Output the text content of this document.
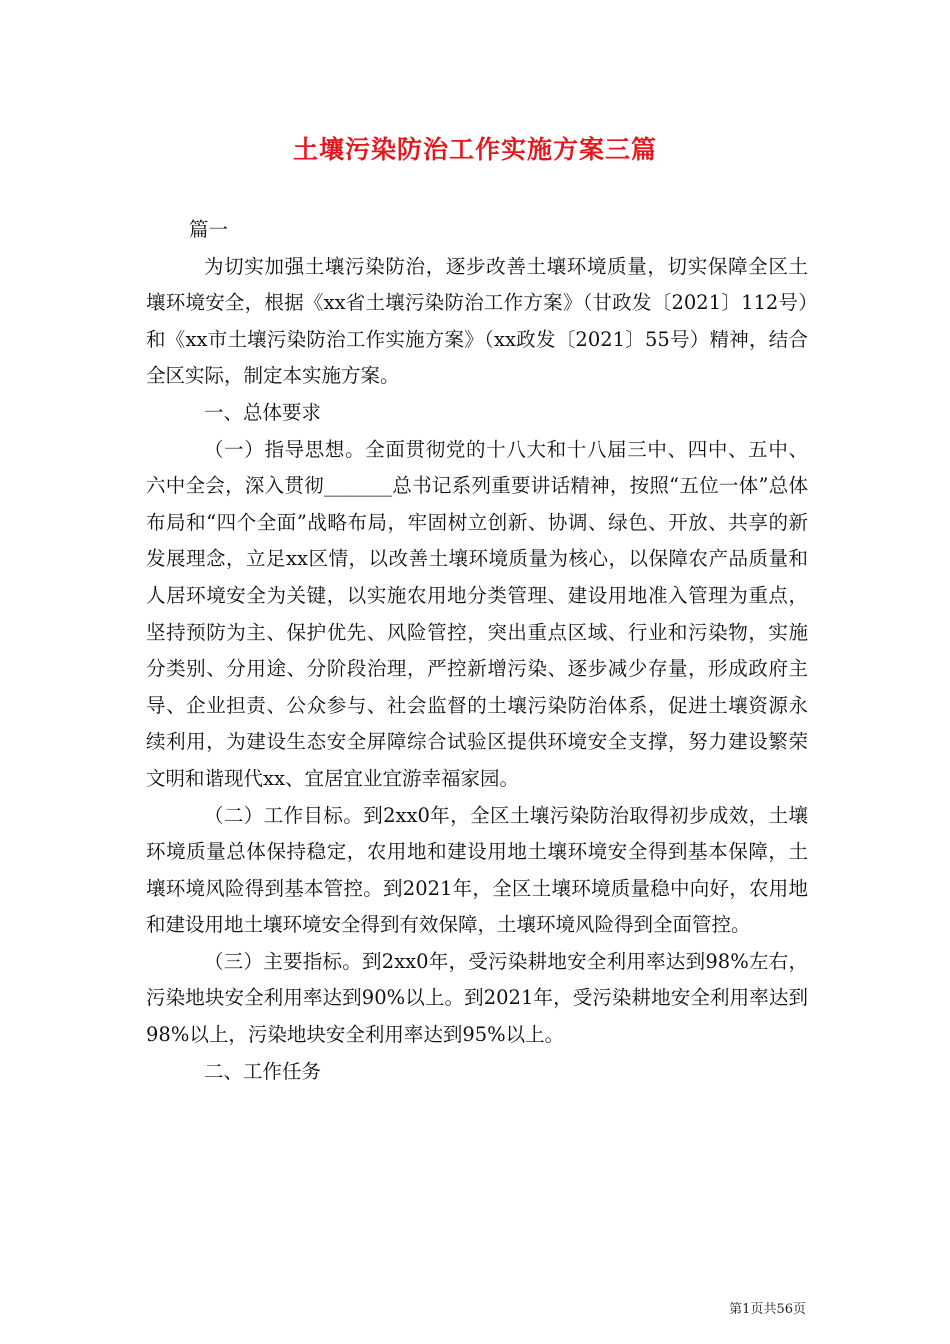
土壤污染防治工作实施方案三篇

篇一

为切实加强土壤污染防治，逐步改善土壤环境质量，切实保障全区土壤环境安全，根据《xx省土壤污染防治工作方案》（甘政发〔2021〕112号）和《xx市土壤污染防治工作实施方案》（xx政发〔2021〕55号）精神，结合全区实际，制定本实施方案。

一、总体要求

（一）指导思想。全面贯彻党的十八大和十八届三中、四中、五中、六中全会，深入贯彻_______总书记系列重要讲话精神，按照“五位一体”总体布局和“四个全面”战略布局，牢固树立创新、协调、绿色、开放、共享的新发展理念，立足xx区情，以改善土壤环境质量为核心，以保障农产品质量和人居环境安全为关键，以实施农用地分类管理、建设用地准入管理为重点，坚持预防为主、保护优先、风险管控，突出重点区域、行业和污染物，实施分类别、分用途、分阶段治理，严控新增污染、逐步减少存量，形成政府主导、企业担责、公众参与、社会监督的土壤污染防治体系，促进土壤资源永续利用，为建设生态安全屏障综合试验区提供环境安全支撑，努力建设繁荣文明和谐现代xx、宜居宜业宜游幸福家园。

（二）工作目标。到2xx0年，全区土壤污染防治取得初步成效，土壤环境质量总体保持稳定，农用地和建设用地土壤环境安全得到基本保障，土壤环境风险得到基本管控。到2021年，全区土壤环境质量稳中向好，农用地和建设用地土壤环境安全得到有效保障，土壤环境风险得到全面管控。

（三）主要指标。到2xx0年，受污染耕地安全利用率达到98%左右，污染地块安全利用率达到90%以上。到2021年，受污染耕地安全利用率达到98%以上，污染地块安全利用率达到95%以上。

二、工作任务

第1页共56页
